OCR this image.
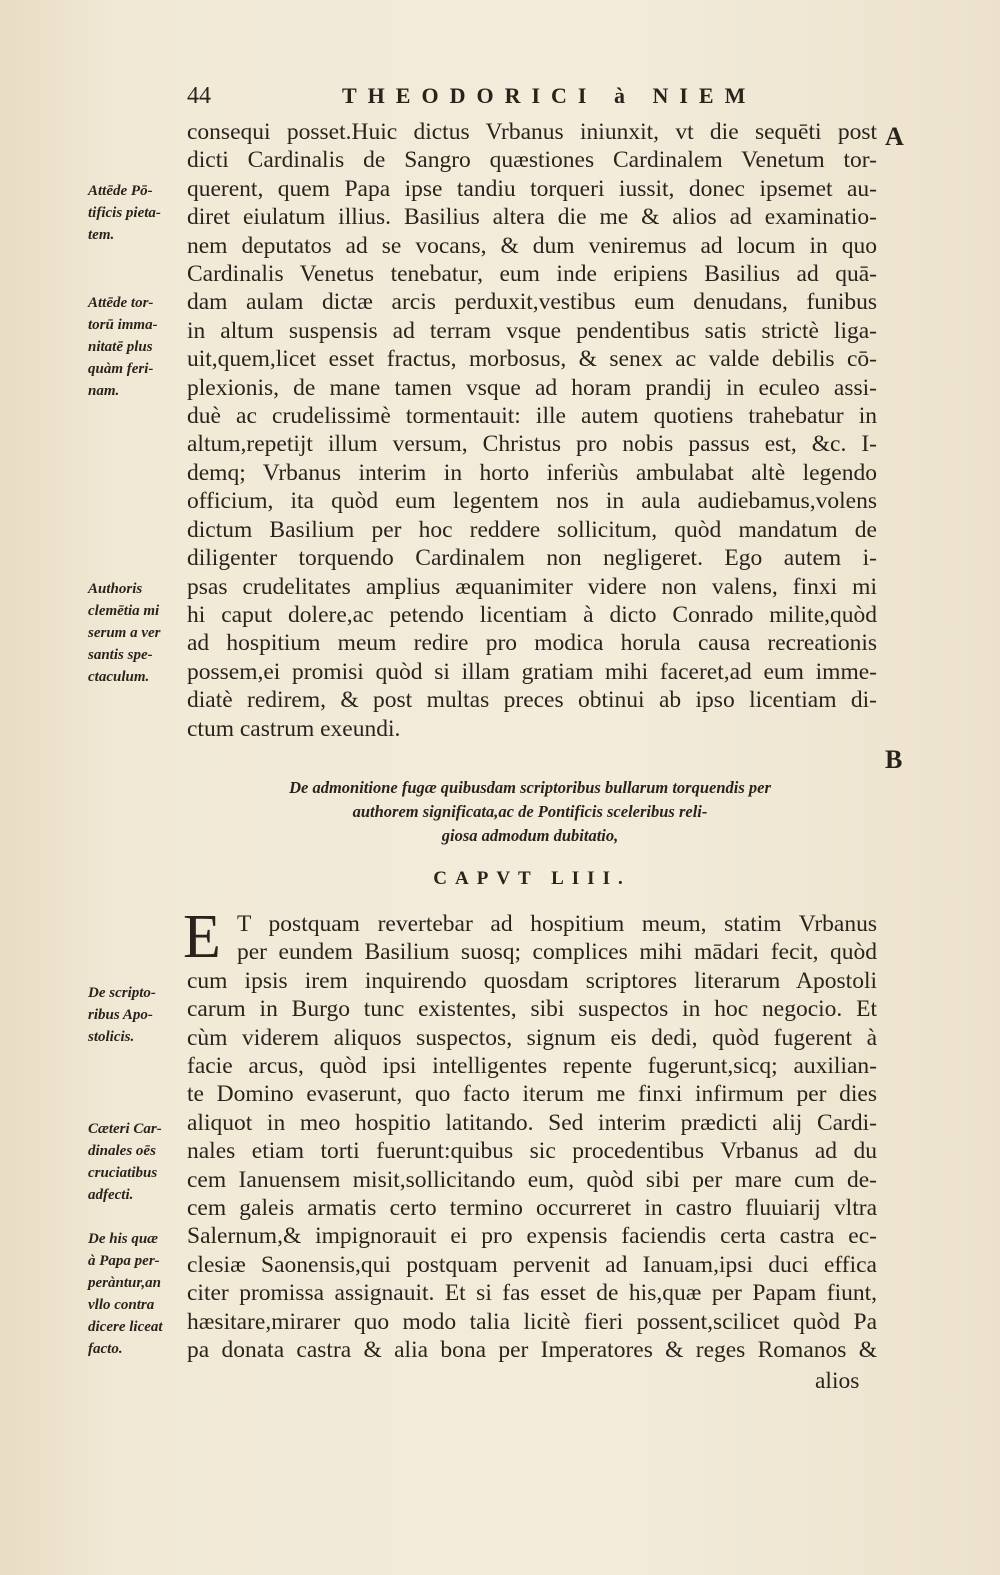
44	THEODORICI à NIEM
A
B
consequi posset.Huic dictus Vrbanus iniunxit, vt die sequēti post
dicti Cardinalis de Sangro quæstiones Cardinalem Venetum tor-
querent, quem Papa ipse tandiu torqueri iussit, donec ipsemet au-
diret eiulatum illius. Basilius altera die me & alios ad examinatio-
nem deputatos ad se vocans, & dum veniremus ad locum in quo
Cardinalis Venetus tenebatur, eum inde eripiens Basilius ad quā-
dam aulam dictæ arcis perduxit,vestibus eum denudans, funibus
in altum suspensis ad terram vsque pendentibus satis strictè liga-
uit,quem,licet esset fractus, morbosus, & senex ac valde debilis cō-
plexionis, de mane tamen vsque ad horam prandij in eculeo assi-
duè ac crudelissimè tormentauit: ille autem quotiens trahebatur in
altum,repetijt illum versum, Christus pro nobis passus est, &c. I-
demq; Vrbanus interim in horto inferiùs ambulabat altè legendo
officium, ita quòd eum legentem nos in aula audiebamus,volens
dictum Basilium per hoc reddere sollicitum, quòd mandatum de
diligenter torquendo Cardinalem non negligeret. Ego autem i-
psas crudelitates amplius æquanimiter videre non valens, finxi mi
hi caput dolere,ac petendo licentiam à dicto Conrado milite,quòd
ad hospitium meum redire pro modica horula causa recreationis
possem,ei promisi quòd si illam gratiam mihi faceret,ad eum imme-
diatè redirem, & post multas preces obtinui ab ipso licentiam di-
ctum castrum exeundi.
Attēde Pō-
tificis pieta-
tem.
Attēde tor-
torū imma-
nitatē plus
quàm feri-
nam.
Authoris
clemētia mi
serum a ver
santis spe-
ctaculum.
De admonitione fugæ quibusdam scriptoribus bullarum torquendis per
authorem significata,ac de Pontificis sceleribus reli-
giosa admodum dubitatio,
CAPVT LIII.
E T postquam revertebar ad hospitium meum, statim Vrbanus
per eundem Basilium suosq; complices mihi mādari fecit, quòd
cum ipsis irem inquirendo quosdam scriptores literarum Apostoli
carum in Burgo tunc existentes, sibi suspectos in hoc negocio. Et
cùm viderem aliquos suspectos, signum eis dedi, quòd fugerent à
facie arcus, quòd ipsi intelligentes repente fugerunt,sicq; auxilian-
te Domino evaserunt, quo facto iterum me finxi infirmum per dies
aliquot in meo hospitio latitando. Sed interim prædicti alij Cardi-
nales etiam torti fuerunt:quibus sic procedentibus Vrbanus ad du
cem Ianuensem misit,sollicitando eum, quòd sibi per mare cum de-
cem galeis armatis certo termino occurreret in castro fluuiarij vltra
Salernum,& impignorauit ei pro expensis faciendis certa castra ec-
clesiæ Saonensis,qui postquam pervenit ad Ianuam,ipsi duci effica
citer promissa assignauit. Et si fas esset de his,quæ per Papam fiunt,
hæsitare,mirarer quo modo talia licitè fieri possent,scilicet quòd Pa
pa donata castra & alia bona per Imperatores & reges Romanos &
De scripto-
ribus Apo-
stolicis.
Cæteri Car-
dinales oēs
cruciatibus
adfecti.
De his quæ
à Papa per-
peràntur,an
vllo contra
dicere liceat
facto.
alios
